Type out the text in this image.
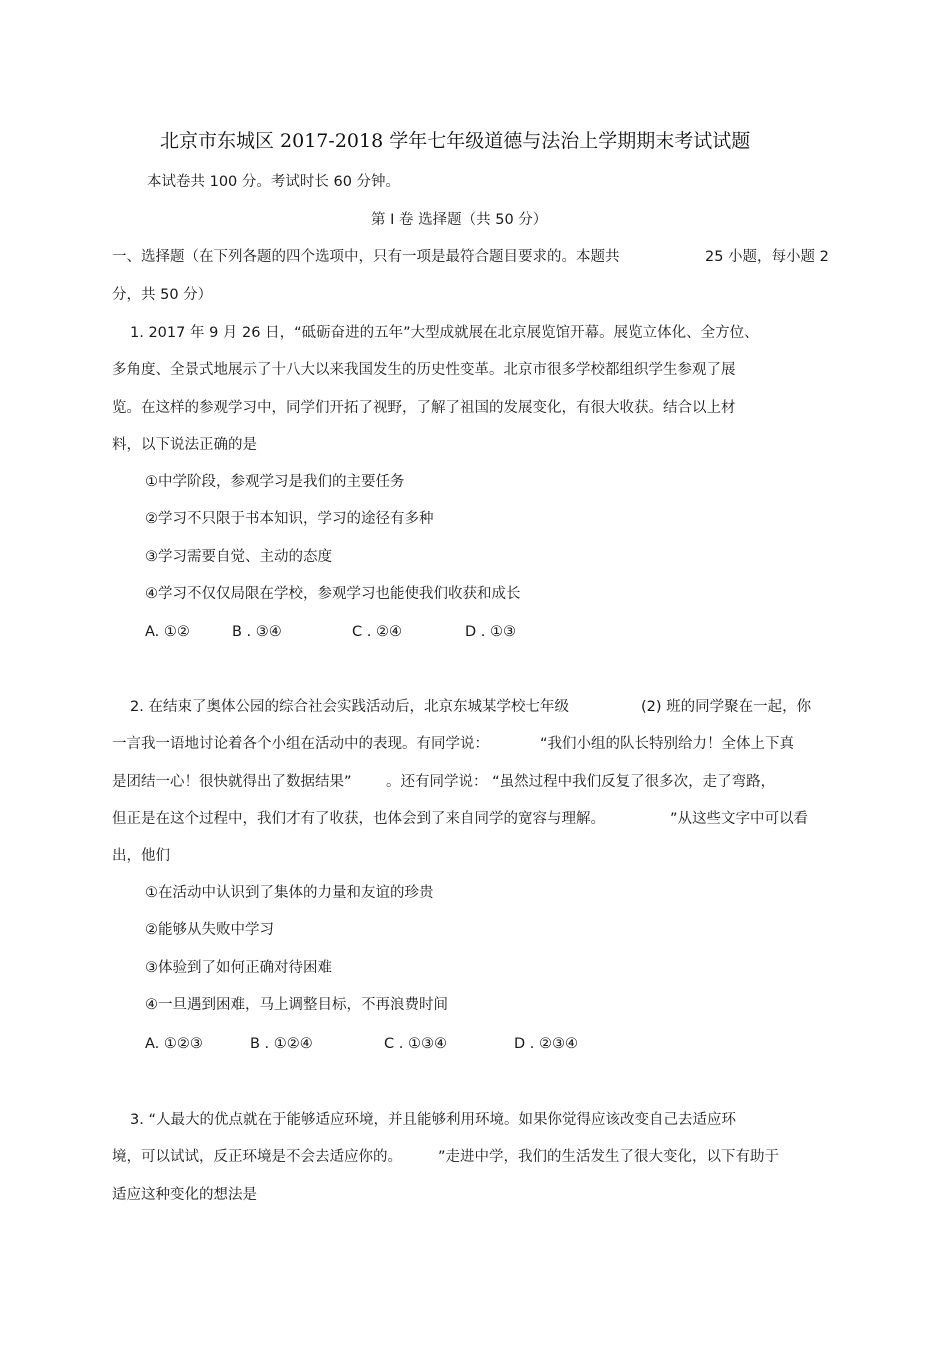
北京市东城区 2017-2018 学年七年级道德与法治上学期期末考试试题
本试卷共 100 分。考试时长 60 分钟。
第 I 卷 选择题（共 50 分）
一、选择题（在下列各题的四个选项中，只有一项是最符合题目要求的。本题共	25 小题，每小题 2
分，共 50 分）
1. 2017 年 9 月 26 日，“砥砺奋进的五年”大型成就展在北京展览馆开幕。展览立体化、全方位、
多角度、全景式地展示了十八大以来我国发生的历史性变革。北京市很多学校都组织学生参观了展
览。在这样的参观学习中，同学们开拓了视野，了解了祖国的发展变化，有很大收获。结合以上材
料，以下说法正确的是
①中学阶段，参观学习是我们的主要任务
②学习不只限于书本知识，学习的途径有多种
③学习需要自觉、主动的态度
④学习不仅仅局限在学校，参观学习也能使我们收获和成长
A. ①②	B . ③④	C . ②④	D . ①③
2. 在结束了奥体公园的综合社会实践活动后，北京东城某学校七年级	(2) 班的同学聚在一起，你
一言我一语地讨论着各个小组在活动中的表现。有同学说：	“我们小组的队长特别给力！全体上下真
是团结一心！很快就得出了数据结果” 。还有同学说： “虽然过程中我们反复了很多次，走了弯路，
但正是在这个过程中，我们才有了收获，也体会到了来自同学的宽容与理解。	”从这些文字中可以看
出，他们
①在活动中认识到了集体的力量和友谊的珍贵
②能够从失败中学习
③体验到了如何正确对待困难
④一旦遇到困难，马上调整目标，不再浪费时间
A. ①②③	B . ①②④	C . ①③④	D . ②③④
3. “人最大的优点就在于能够适应环境，并且能够利用环境。如果你觉得应该改变自己去适应环
境，可以试试，反正环境是不会去适应你的。 ”走进中学，我们的生活发生了很大变化，以下有助于
适应这种变化的想法是
